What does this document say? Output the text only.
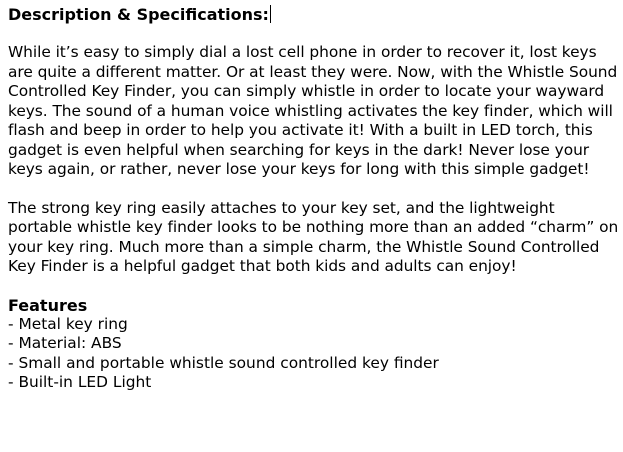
Description & Specifications:

While it’s easy to simply dial a lost cell phone in order to recover it, lost keys are quite a different matter. Or at least they were. Now, with the Whistle Sound Controlled Key Finder, you can simply whistle in order to locate your wayward keys. The sound of a human voice whistling activates the key finder, which will flash and beep in order to help you activate it! With a built in LED torch, this gadget is even helpful when searching for keys in the dark! Never lose your keys again, or rather, never lose your keys for long with this simple gadget!

The strong key ring easily attaches to your key set, and the lightweight portable whistle key finder looks to be nothing more than an added “charm” on your key ring. Much more than a simple charm, the Whistle Sound Controlled Key Finder is a helpful gadget that both kids and adults can enjoy!

Features
- Metal key ring
- Material: ABS
- Small and portable whistle sound controlled key finder
- Built-in LED Light
